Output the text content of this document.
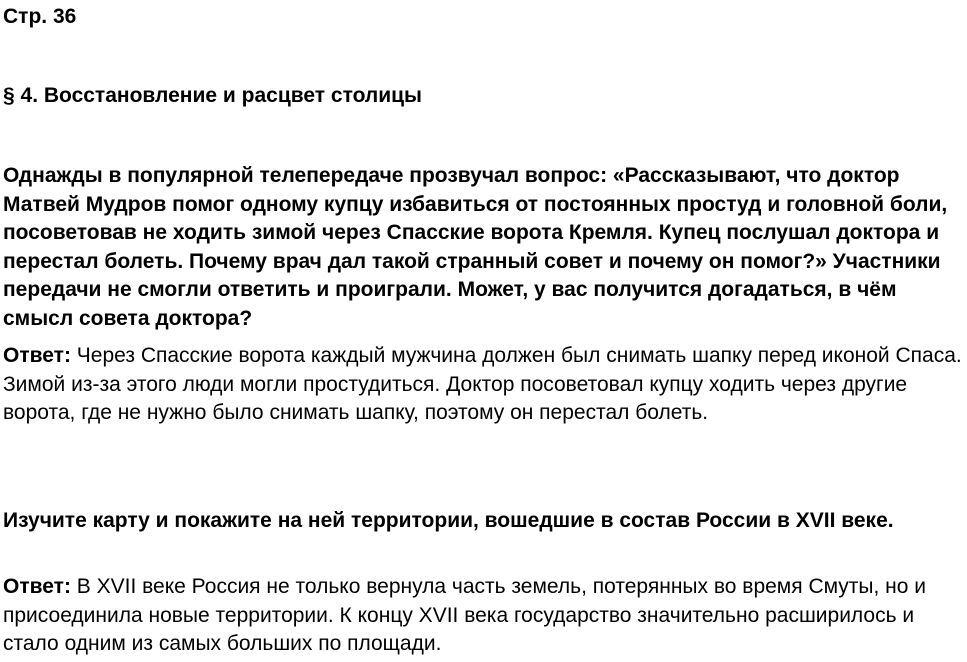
Стр. 36

§ 4. Восстановление и расцвет столицы

Однажды в популярной телепередаче прозвучал вопрос: «Рассказывают, что доктор Матвей Мудров помог одному купцу избавиться от постоянных простуд и головной боли, посоветовав не ходить зимой через Спасские ворота Кремля. Купец послушал доктора и перестал болеть. Почему врач дал такой странный совет и почему он помог?» Участники передачи не смогли ответить и проиграли. Может, у вас получится догадаться, в чём смысл совета доктора?

Ответ: Через Спасские ворота каждый мужчина должен был снимать шапку перед иконой Спаса. Зимой из-за этого люди могли простудиться. Доктор посоветовал купцу ходить через другие ворота, где не нужно было снимать шапку, поэтому он перестал болеть.

Изучите карту и покажите на ней территории, вошедшие в состав России в XVII веке.

Ответ: В XVII веке Россия не только вернула часть земель, потерянных во время Смуты, но и присоединила новые территории. К концу XVII века государство значительно расширилось и стало одним из самых больших по площади.
